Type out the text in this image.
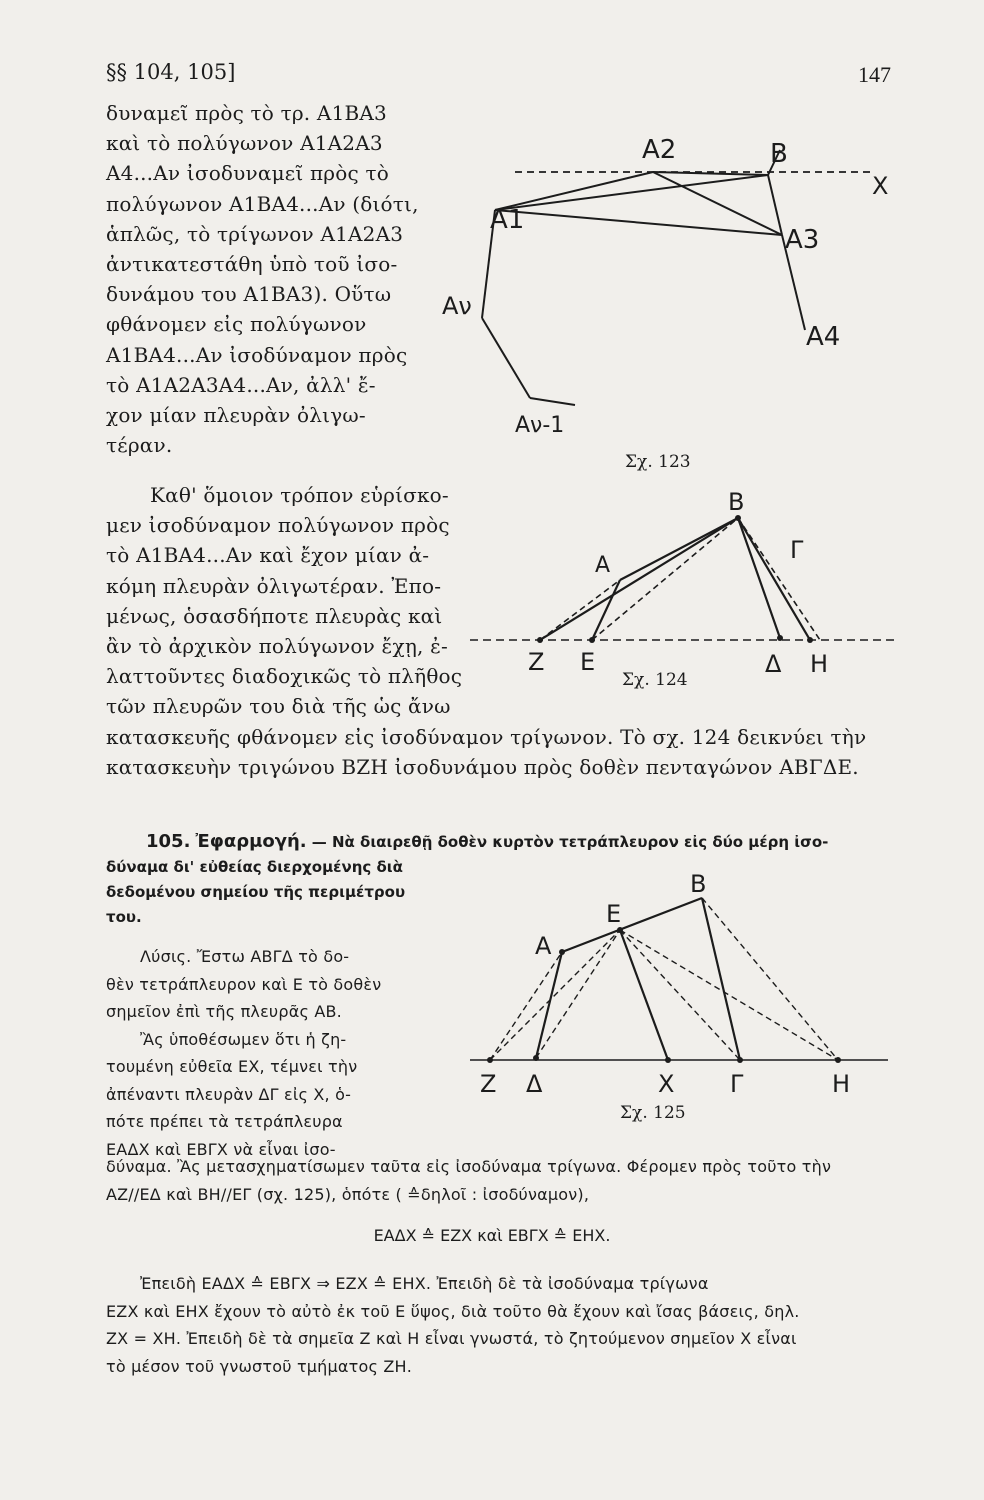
§§ 104, 105]	147
δυναμεῖ πρὸς τὸ τρ. A1BA3
καὶ τὸ πολύγωνον A1A2A3
A4...Aν ἰσοδυναμεῖ πρὸς τὸ
πολύγωνον A1BA4...Aν (διότι,
ἁπλῶς, τὸ τρίγωνον A1A2A3
ἀντικατεστάθη ὑπὸ τοῦ ἰσο-
δυνάμου του A1BA3). Οὕτω
φθάνομεν εἰς πολύγωνον
A1BA4...Aν ἰσοδύναμον πρὸς
τὸ A1A2A3A4...Aν, ἀλλ' ἔ-
χον μίαν πλευρὰν ὀλιγω-
τέραν.
Καθ' ὅμοιον τρόπον εὑρίσκο-
μεν ἰσοδύναμον πολύγωνον πρὸς
τὸ A1BA4...Aν καὶ ἔχον μίαν ἀ-
κόμη πλευρὰν ὀλιγωτέραν. Ἐπο-
μένως, ὁσασδήποτε πλευρὰς καὶ
ἂν τὸ ἀρχικὸν πολύγωνον ἔχῃ, ἐ-
λαττοῦντες διαδοχικῶς τὸ πλῆθος
τῶν πλευρῶν του διὰ τῆς ὡς ἄνω
κατασκευῆς φθάνομεν εἰς ἰσοδύναμον τρίγωνον. Τὸ σχ. 124 δεικνύει τὴν
κατασκευὴν τριγώνου ΒΖΗ ἰσοδυνάμου πρὸς δοθὲν πενταγώνον ΑΒΓΔΕ.
105. Ἐφαρμογή. — Νὰ διαιρεθῇ δοθὲν κυρτὸν τετράπλευρον εἰς δύο μέρη ἰσο-
δύναμα δι' εὐθείας διερχομένης διὰ
δεδομένου σημείου τῆς περιμέτρου
του.
Λύσις. Ἔστω ΑΒΓΔ τὸ δο-
θὲν τετράπλευρον καὶ Ε τὸ δοθὲν
σημεῖον ἐπὶ τῆς πλευρᾶς ΑΒ.
Ἂς ὑποθέσωμεν ὅτι ἡ ζη-
τουμένη εὐθεῖα ΕΧ, τέμνει τὴν
ἀπέναντι πλευρὰν ΔΓ εἰς Χ, ὁ-
πότε πρέπει τὰ τετράπλευρα
ΕΑΔΧ καὶ ΕΒΓΧ νὰ εἶναι ἰσο-
δύναμα. Ἂς μετασχηματίσωμεν ταῦτα εἰς ἰσοδύναμα τρίγωνα. Φέρομεν πρὸς τοῦτο τὴν
ΑΖ//ΕΔ καὶ ΒΗ//ΕΓ (σχ. 125), ὁπότε ( ≙δηλοῖ : ἰσοδύναμον),
ΕΑΔΧ ≙ ΕΖΧ καὶ ΕΒΓΧ ≙ ΕΗΧ.
Ἐπειδὴ ΕΑΔΧ ≙ ΕΒΓΧ ⇒ ΕΖΧ ≙ ΕΗΧ. Ἐπειδὴ δὲ τὰ ἰσοδύναμα τρίγωνα
ΕΖΧ καὶ ΕΗΧ ἔχουν τὸ αὐτὸ ἐκ τοῦ Ε ὕψος, διὰ τοῦτο θὰ ἔχουν καὶ ἴσας βάσεις, δηλ.
ΖΧ = ΧΗ. Ἐπειδὴ δὲ τὰ σημεῖα Ζ καὶ Η εἶναι γνωστά, τὸ ζητούμενον σημεῖον Χ εἶναι
τὸ μέσον τοῦ γνωστοῦ τμήματος ΖΗ.
A2	B
X
A1
A3
Aν
A4
Aν-1
Σχ. 123
B
A
Γ
Z E	Δ H
Σχ. 124
B
E
A
Z Δ	X Γ	H
Σχ. 125
